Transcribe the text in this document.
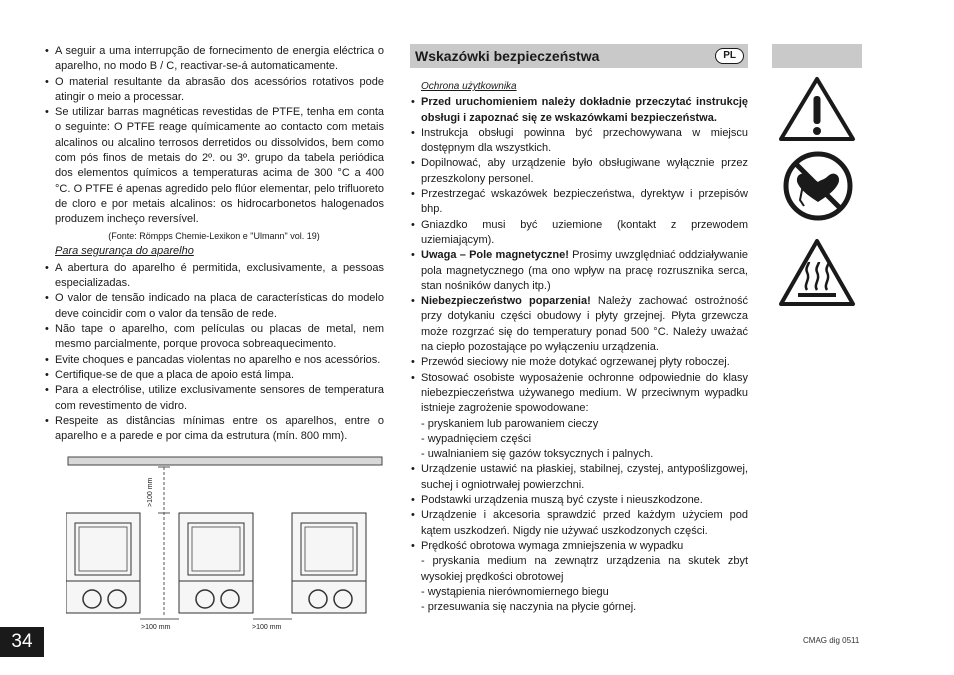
• A seguir a uma interrupção de fornecimento de energia eléctrica o aparelho, no modo B / C, reactivar-se-á automaticamente.
• O material resultante da abrasão dos acessórios rotativos pode atingir o meio a processar.
• Se utilizar barras magnéticas revestidas de PTFE, tenha em conta o seguinte: O PTFE reage químicamente ao contacto com metais alcalinos ou alcalino terrosos derretidos ou dissolvidos, bem como com pós finos de metais do 2º. ou 3º. grupo da tabela periódica dos elementos químicos a temperaturas acima de 300 °C a 400 °C. O PTFE é apenas agredido pelo flúor elementar, pelo trifluoreto de cloro e por metais alcalinos: os hidrocarbonetos halogenados produzem incheço reversível.
(Fonte: Römpps Chemie-Lexikon e "Ulmann" vol. 19)
Para segurança do aparelho
• A abertura do aparelho é permitida, exclusivamente, a pessoas especializadas.
• O valor de tensão indicado na placa de características do modelo deve coincidir com o valor da tensão de rede.
• Não tape o aparelho, com películas ou placas de metal, nem mesmo parcialmente, porque provoca sobreaquecimento.
• Evite choques e pancadas violentas no aparelho e nos acessórios.
• Certifique-se de que a placa de apoio está limpa.
• Para a electrólise, utilize exclusivamente sensores de temperatura com revestimento de vidro.
• Respeite as distâncias mínimas entre os aparelhos, entre o aparelho e a parede e por cima da estrutura (mín. 800 mm).
>100 mm
>100 mm	>100 mm
Wskazówki bezpieczeństwa	PL
Ochrona użytkownika
• Przed uruchomieniem należy dokładnie przeczytać instrukcję obsługi i zapoznać się ze wskazówkami bezpieczeństwa.
• Instrukcja obsługi powinna być przechowywana w miejscu dostępnym dla wszystkich.
• Dopilnować, aby urządzenie było obsługiwane wyłącznie przez przeszkolony personel.
• Przestrzegać wskazówek bezpieczeństwa, dyrektyw i przepisów bhp.
• Gniazdko musi być uziemione (kontakt z przewodem uziemiającym).
• Uwaga – Pole magnetyczne! Prosimy uwzględniać oddziaływanie pola magnetycznego (ma ono wpływ na pracę rozrusznika serca, stan nośników danych itp.)
• Niebezpieczeństwo poparzenia! Należy zachować ostrożność przy dotykaniu części obudowy i płyty grzejnej. Płyta grzewcza może rozgrzać się do temperatury ponad 500 °C. Należy uważać na ciepło pozostające po wyłączeniu urządzenia.
• Przewód sieciowy nie może dotykać ogrzewanej płyty roboczej.
• Stosować osobiste wyposażenie ochronne odpowiednie do klasy niebezpieczeństwa używanego medium. W przeciwnym wypadku istnieje zagrożenie spowodowane:
- pryskaniem lub parowaniem cieczy
- wypadnięciem części
- uwalnianiem się gazów toksycznych i palnych.
• Urządzenie ustawić na płaskiej, stabilnej, czystej, antypoślizgowej, suchej i ogniotrwałej powierzchni.
• Podstawki urządzenia muszą być czyste i nieuszkodzone.
• Urządzenie i akcesoria sprawdzić przed każdym użyciem pod kątem uszkodzeń. Nigdy nie używać uszkodzonych części.
• Prędkość obrotowa wymaga zmniejszenia w wypadku
- pryskania medium na zewnątrz urządzenia na skutek zbyt wysokiej prędkości obrotowej
- wystąpienia nierównomiernego biegu
- przesuwania się naczynia na płycie górnej.
34	CMAG dig 0511
